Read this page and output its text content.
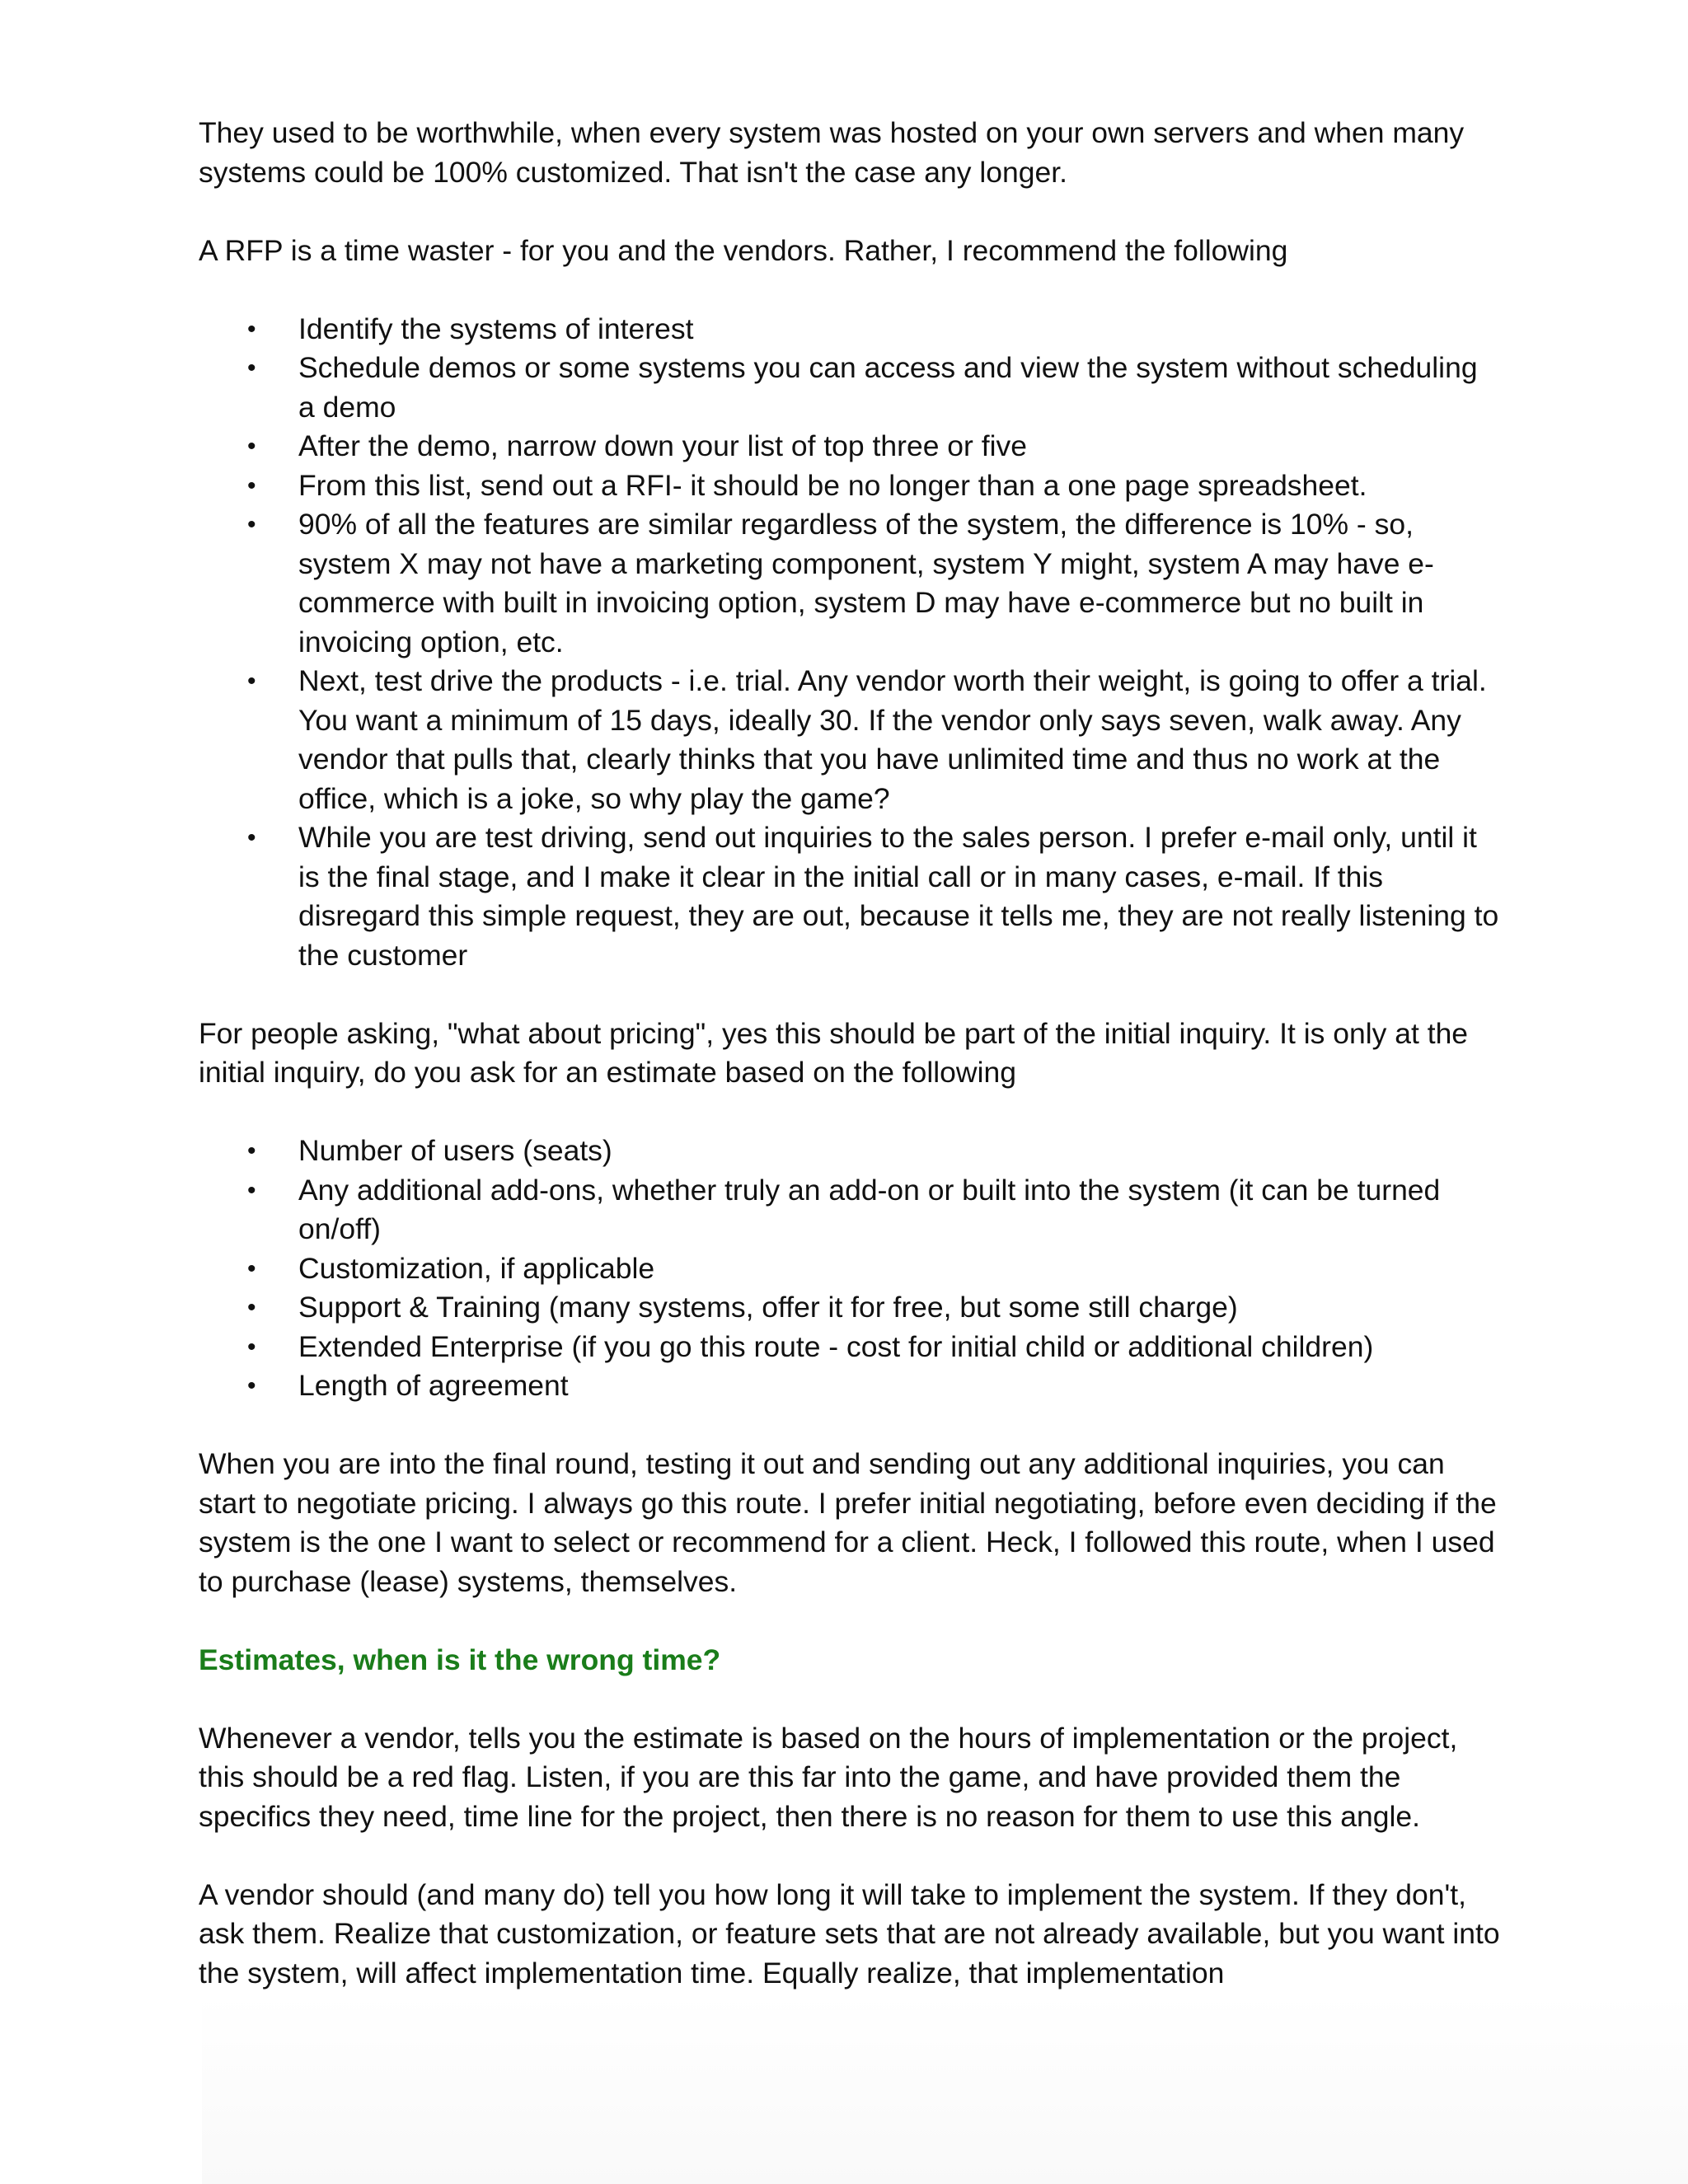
They used to be worthwhile, when every system was hosted on your own servers and when many systems could be 100% customized. That isn't the case any longer.

A RFP is a time waster - for you and the vendors. Rather, I recommend the following

• Identify the systems of interest
• Schedule demos or some systems you can access and view the system without scheduling a demo
• After the demo, narrow down your list of top three or five
• From this list, send out a RFI- it should be no longer than a one page spreadsheet.
• 90% of all the features are similar regardless of the system, the difference is 10% - so, system X may not have a marketing component, system Y might, system A may have e-commerce with built in invoicing option, system D may have e-commerce but no built in invoicing option, etc.
• Next, test drive the products - i.e. trial. Any vendor worth their weight, is going to offer a trial. You want a minimum of 15 days, ideally 30. If the vendor only says seven, walk away. Any vendor that pulls that, clearly thinks that you have unlimited time and thus no work at the office, which is a joke, so why play the game?
• While you are test driving, send out inquiries to the sales person. I prefer e-mail only, until it is the final stage, and I make it clear in the initial call or in many cases, e-mail. If this disregard this simple request, they are out, because it tells me, they are not really listening to the customer

For people asking, "what about pricing", yes this should be part of the initial inquiry. It is only at the initial inquiry, do you ask for an estimate based on the following

• Number of users (seats)
• Any additional add-ons, whether truly an add-on or built into the system (it can be turned on/off)
• Customization, if applicable
• Support & Training (many systems, offer it for free, but some still charge)
• Extended Enterprise (if you go this route - cost for initial child or additional children)
• Length of agreement

When you are into the final round, testing it out and sending out any additional inquiries, you can start to negotiate pricing. I always go this route. I prefer initial negotiating, before even deciding if the system is the one I want to select or recommend for a client. Heck, I followed this route, when I used to purchase (lease) systems, themselves.

Estimates, when is it the wrong time?

Whenever a vendor, tells you the estimate is based on the hours of implementation or the project, this should be a red flag. Listen, if you are this far into the game, and have provided them the specifics they need, time line for the project, then there is no reason for them to use this angle.

A vendor should (and many do) tell you how long it will take to implement the system. If they don't, ask them. Realize that customization, or feature sets that are not already available, but you want into the system, will affect implementation time. Equally realize, that implementation
